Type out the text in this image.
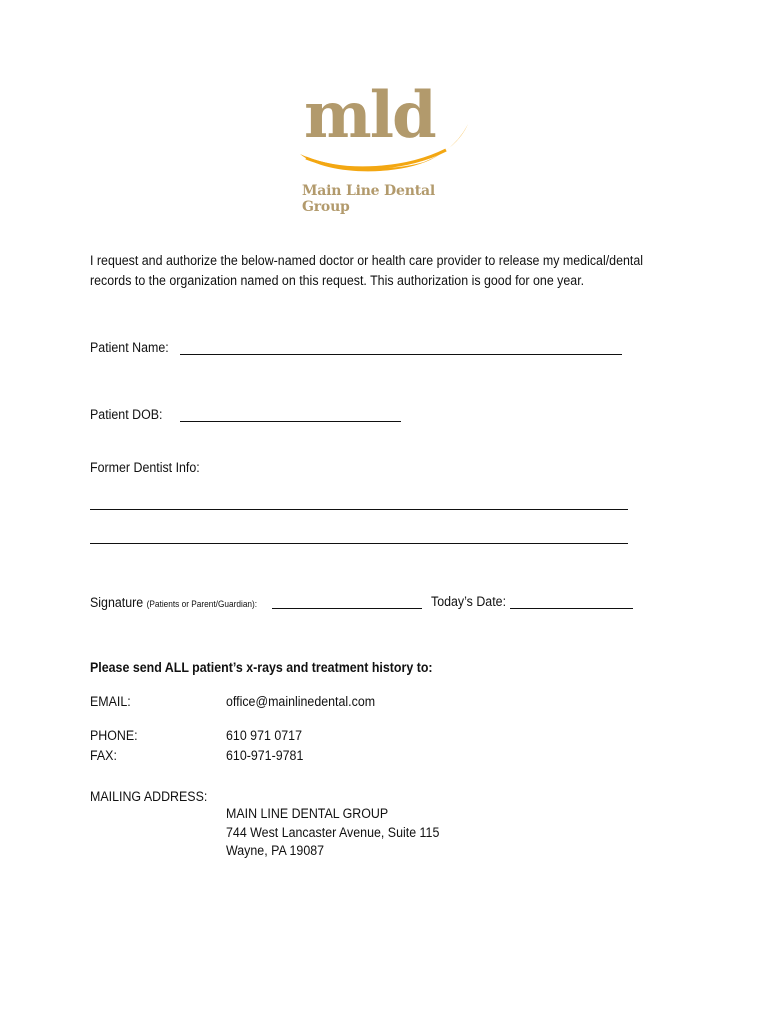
mld
Main Line Dental Group
I request and authorize the below-named doctor or health care provider to release my medical/dental
records to the organization named on this request. This authorization is good for one year.
Patient Name:
Patient DOB:
Former Dentist Info:
Signature (Patients or Parent/Guardian):	Today’s Date:
Please send ALL patient’s x-rays and treatment history to:
EMAIL:	office@mainlinedental.com
PHONE:	610 971 0717
FAX:	610-971-9781
MAILING ADDRESS:
MAIN LINE DENTAL GROUP
744 West Lancaster Avenue, Suite 115
Wayne, PA 19087
